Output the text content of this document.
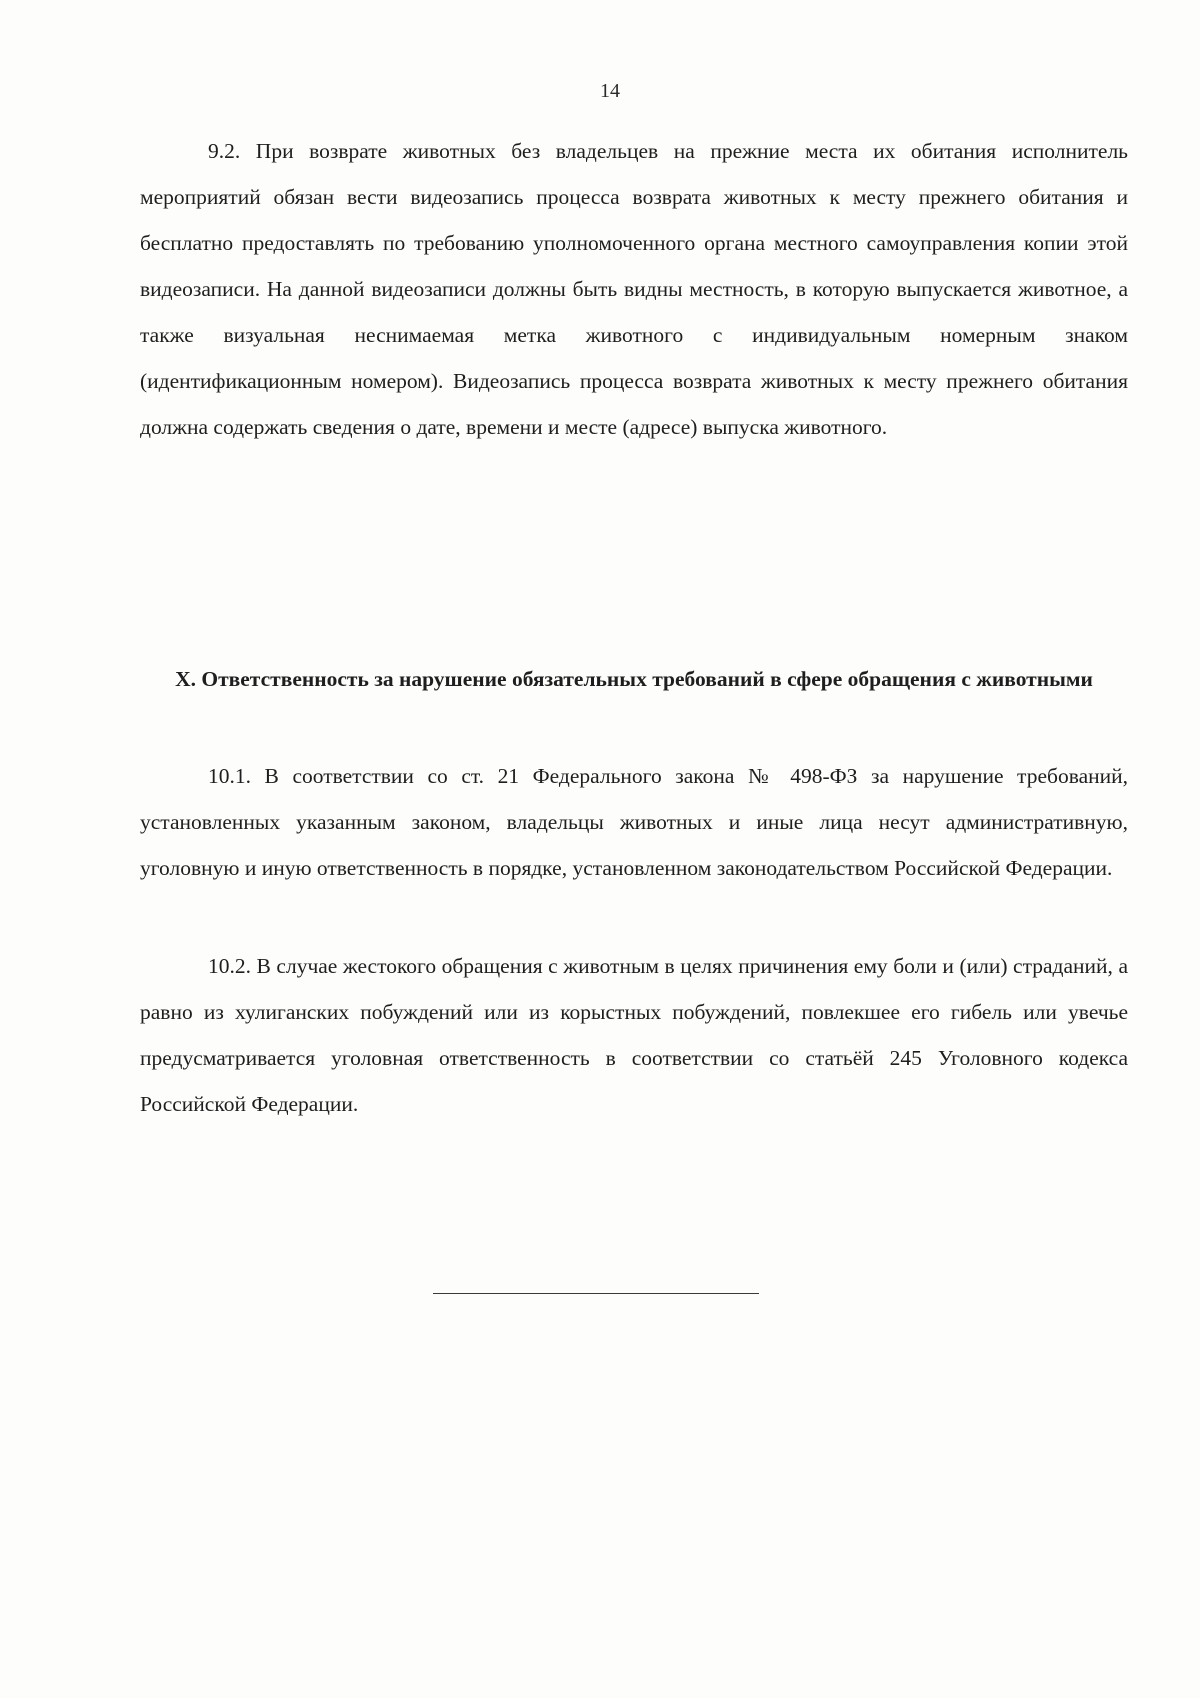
14

9.2. При возврате животных без владельцев на прежние места их обитания исполнитель мероприятий обязан вести видеозапись процесса возврата животных к месту прежнего обитания и бесплатно предоставлять по требованию уполномоченного органа местного самоуправления копии этой видеозаписи. На данной видеозаписи должны быть видны местность, в которую выпускается животное, а также визуальная неснимаемая метка животного с индивидуальным номерным знаком (идентификационным номером). Видеозапись процесса возврата животных к месту прежнего обитания должна содержать сведения о дате, времени и месте (адресе) выпуска животного.

X. Ответственность за нарушение обязательных требований в сфере обращения с животными

10.1. В соответствии со ст. 21 Федерального закона № 498-ФЗ за нарушение требований, установленных указанным законом, владельцы животных и иные лица несут административную, уголовную и иную ответственность в порядке, установленном законодательством Российской Федерации.

10.2. В случае жестокого обращения с животным в целях причинения ему боли и (или) страданий, а равно из хулиганских побуждений или из корыстных побуждений, повлекшее его гибель или увечье предусматривается уголовная ответственность в соответствии со статьёй 245 Уголовного кодекса Российской Федерации.
